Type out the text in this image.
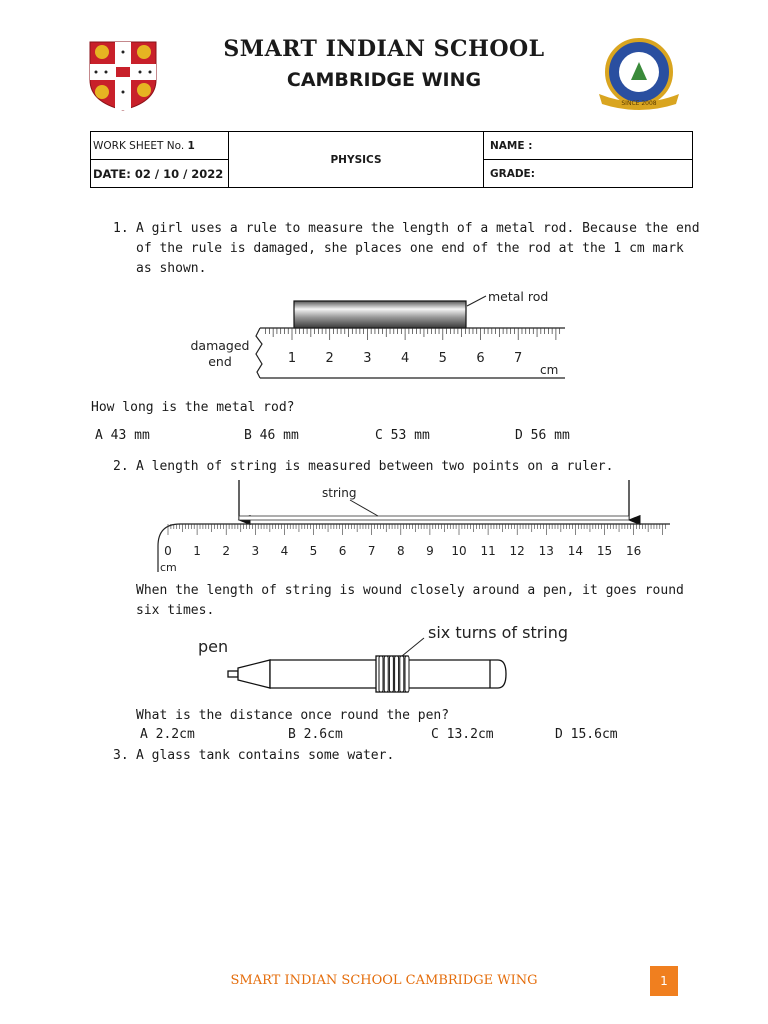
SMART INDIAN SCHOOL
CAMBRIDGE WING
SINCE 2008
WORK SHEET No. 1	PHYSICS	NAME :
DATE: 02 / 10 / 2022		GRADE:
1. A girl uses a rule to measure the length of a metal rod. Because the end
of the rule is damaged, she places one end of the rod at the 1 cm mark
as shown.
metal rod
1 2 3 4 5 6 7
damaged
end
cm
How long is the metal rod?
A 43 mm	B 46 mm	C 53 mm	D 56 mm
2. A length of string is measured between two points on a ruler.
string
0 1 2 3 4 5 6 7 8 9 10 11 12 13 14 15 16
cm
When the length of string is wound closely around a pen, it goes round
six times.
pen
six turns of string
What is the distance once round the pen?
A 2.2cm	B 2.6cm	C 13.2cm	D 15.6cm
3. A glass tank contains some water.
SMART INDIAN SCHOOL CAMBRIDGE WING	1
